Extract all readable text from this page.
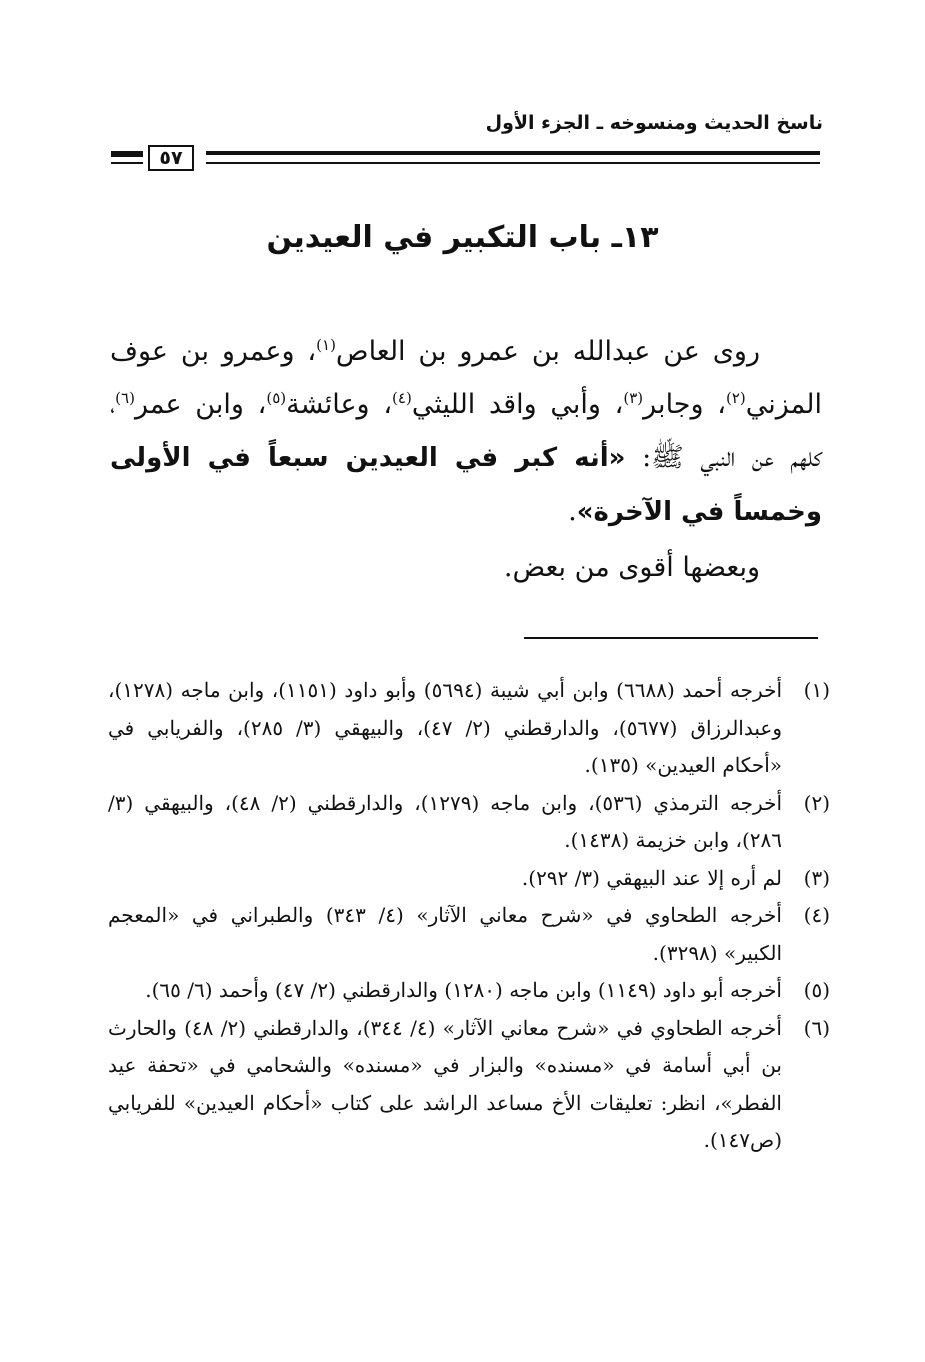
ناسخ الحديث ومنسوخه ـ الجزء الأول
٥٧
١٣ـ باب التكبير في العيدين

روى عن عبدالله بن عمرو بن العاص$^{(١)}$، وعمرو بن عوف المزني$^{(٢)}$، وجابر$^{(٣)}$، وأبي واقد الليثي$^{(٤)}$، وعائشة$^{(٥)}$، وابن عمر$^{(٦)}$، كلهم عن النبي ﷺ: «أنه كبر في العيدين سبعاً في الأولى وخمساً في الآخرة».

وبعضها أقوى من بعض.

(١)
أخرجه أحمد (٦٦٨٨) وابن أبي شيبة (٥٦٩٤) وأبو داود (١١٥١)، وابن ماجه (١٢٧٨)، وعبدالرزاق (٥٦٧٧)، والدارقطني (٢/ ٤٧)، والبيهقي (٣/ ٢٨٥)، والفريابي في «أحكام العيدين» (١٣٥).
(٢)
أخرجه الترمذي (٥٣٦)، وابن ماجه (١٢٧٩)، والدارقطني (٢/ ٤٨)، والبيهقي (٣/ ٢٨٦)، وابن خزيمة (١٤٣٨).
(٣)
لم أره إلا عند البيهقي (٣/ ٢٩٢).
(٤)
أخرجه الطحاوي في «شرح معاني الآثار» (٤/ ٣٤٣) والطبراني في «المعجم الكبير» (٣٢٩٨).
(٥)
أخرجه أبو داود (١١٤٩) وابن ماجه (١٢٨٠) والدارقطني (٢/ ٤٧) وأحمد (٦/ ٦٥).
(٦)
أخرجه الطحاوي في «شرح معاني الآثار» (٤/ ٣٤٤)، والدارقطني (٢/ ٤٨) والحارث بن أبي أسامة في «مسنده» والبزار في «مسنده» والشحامي في «تحفة عيد الفطر»، انظر: تعليقات الأخ مساعد الراشد على كتاب «أحكام العيدين» للفريابي (ص١٤٧).
